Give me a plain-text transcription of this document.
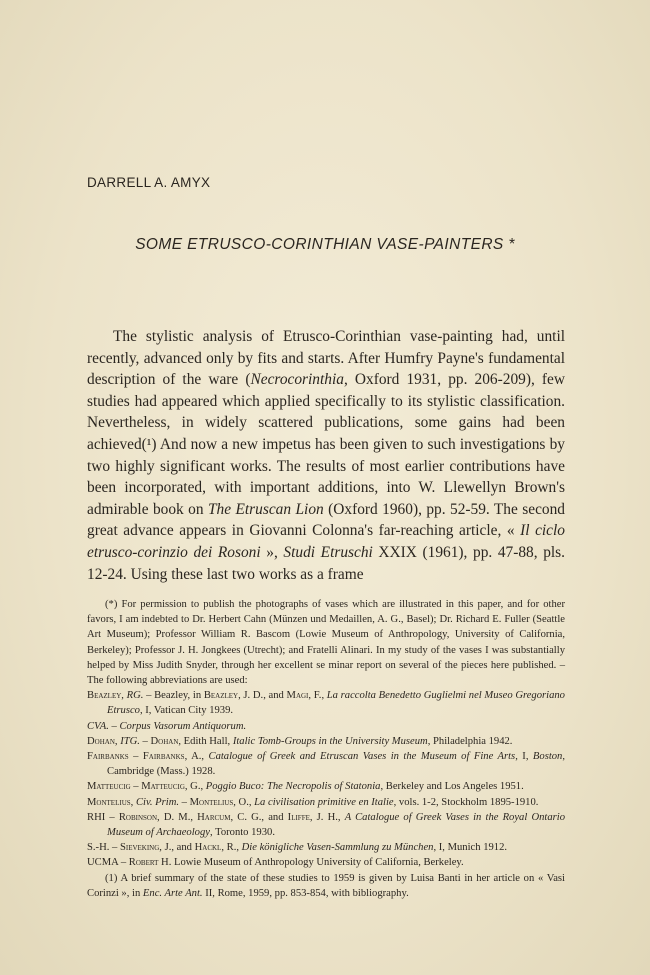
DARRELL A. AMYX
SOME ETRUSCO-CORINTHIAN VASE-PAINTERS *

The stylistic analysis of Etrusco-Corinthian vase-painting had, until recently, advanced only by fits and starts. After Humfry Payne's fundamental description of the ware (Necrocorinthia, Oxford 1931, pp. 206-209), few studies had appeared which applied specifically to its stylistic classification. Nevertheless, in widely scattered publications, some gains had been achieved(¹) And now a new impetus has been given to such investigations by two highly significant works. The results of most earlier contributions have been incorporated, with important additions, into W. Llewellyn Brown's admirable book on The Etruscan Lion (Oxford 1960), pp. 52-59. The second great advance appears in Giovanni Colonna's far-reaching article, « Il ciclo etrusco-corinzio dei Rosoni », Studi Etruschi XXIX (1961), pp. 47-88, pls. 12-24. Using these last two works as a frame

(*) For permission to publish the photographs of vases which are illustrated in this paper, and for other favors, I am indebted to Dr. Herbert Cahn (Münzen und Medaillen, A. G., Basel); Dr. Richard E. Fuller (Seattle Art Museum); Professor William R. Bascom (Lowie Museum of Anthropology, University of California, Berkeley); Professor J. H. Jongkees (Utrecht); and Fratelli Alinari. In my study of the vases I was substantially helped by Miss Judith Snyder, through her excellent se minar report on several of the pieces here published. – The following abbreviations are used:

Beazley, RG. – Beazley, in Beazley, J. D., and Magi, F., La raccolta Benedetto Guglielmi nel Museo Gregoriano Etrusco, I, Vatican City 1939.

CVA. – Corpus Vasorum Antiquorum.

Dohan, ITG. – Dohan, Edith Hall, Italic Tomb-Groups in the University Museum, Philadelphia 1942.

Fairbanks – Fairbanks, A., Catalogue of Greek and Etruscan Vases in the Museum of Fine Arts, I, Boston, Cambridge (Mass.) 1928.

Matteucig – Matteucig, G., Poggio Buco: The Necropolis of Statonia, Berkeley and Los Angeles 1951.

Montelius, Civ. Prim. – Montelius, O., La civilisation primitive en Italie, vols. 1-2, Stockholm 1895-1910.

RHI – Robinson, D. M., Harcum, C. G., and Iliffe, J. H., A Catalogue of Greek Vases in the Royal Ontario Museum of Archaeology, Toronto 1930.

S.-H. – Sieveking, J., and Hackl, R., Die königliche Vasen-Sammlung zu München, I, Munich 1912.

UCMA – Robert H. Lowie Museum of Anthropology University of California, Berkeley.

(1) A brief summary of the state of these studies to 1959 is given by Luisa Banti in her article on « Vasi Corinzi », in Enc. Arte Ant. II, Rome, 1959, pp. 853-854, with bibliography.
